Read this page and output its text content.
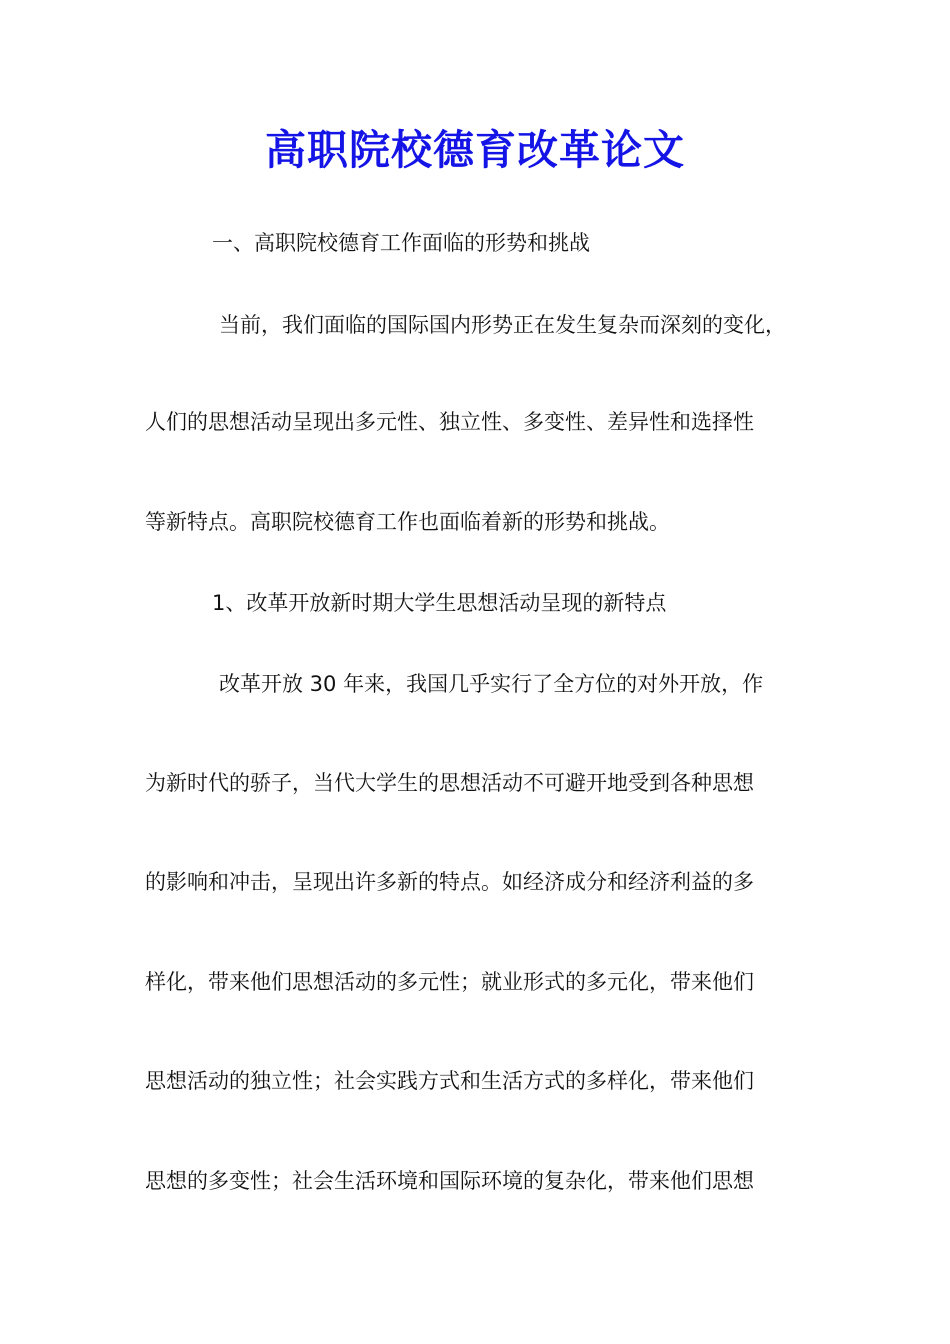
高职院校德育改革论文
一、高职院校德育工作面临的形势和挑战
当前，我们面临的国际国内形势正在发生复杂而深刻的变化，
人们的思想活动呈现出多元性、独立性、多变性、差异性和选择性
等新特点。高职院校德育工作也面临着新的形势和挑战。
1、改革开放新时期大学生思想活动呈现的新特点
改革开放 30 年来，我国几乎实行了全方位的对外开放，作
为新时代的骄子，当代大学生的思想活动不可避开地受到各种思想
的影响和冲击，呈现出许多新的特点。如经济成分和经济利益的多
样化，带来他们思想活动的多元性；就业形式的多元化，带来他们
思想活动的独立性；社会实践方式和生活方式的多样化，带来他们
思想的多变性；社会生活环境和国际环境的复杂化，带来他们思想
